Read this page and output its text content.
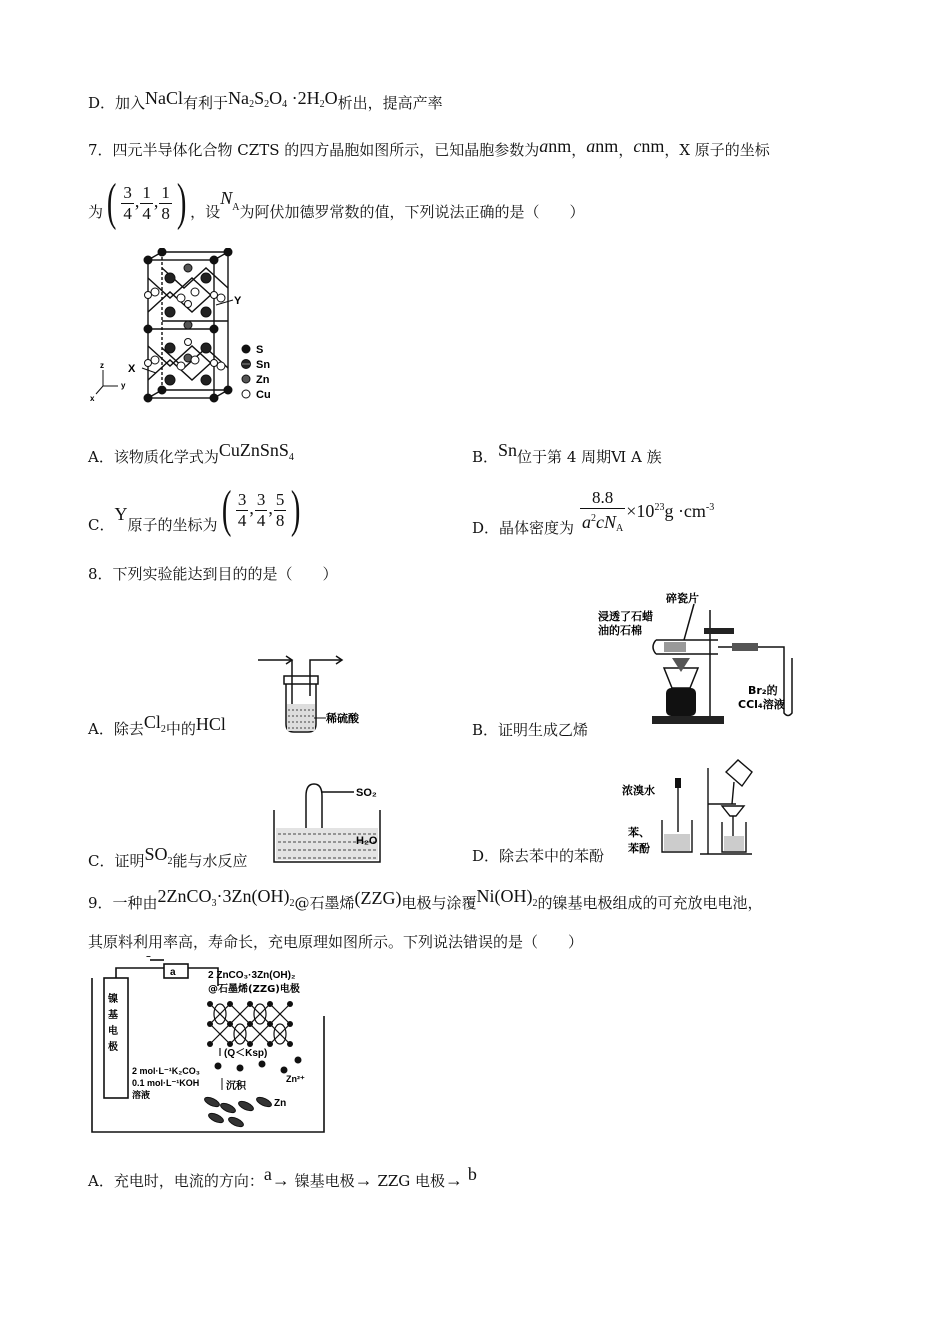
D．加入NaCl有利于$Na_2S_2O_4 \cdot 2H_2O$析出，提高产率
7．四元半导体化合物 CZTS 的四方晶胞如图所示，已知晶胞参数为anm，anm，cnm，X 原子的坐标
为( $\frac{3}{4}$ , $\frac{1}{4}$ , $\frac{1}{8}$ ) ，设$N_A$为阿伏加德罗常数的值，下列说法正确的是（　　）
Y
X
z
y
x
S
Sn
Zn
Cu
A．该物质化学式为CuZnSnS$^4$	B．Sn位于第 4 周期Ⅵ A 族
C．Y原子的坐标为( $\frac{3}{4}$ , $\frac{3}{4}$ , $\frac{5}{8}$ )	D．晶体密度为 $\frac{8.8}{a^2cN_A} \times 10^{23}g \cdot cm^{-3}$
8．下列实验能达到目的的是（　　）
稀硫酸
A．除去Cl$^2$中的HCl
碎瓷片
浸透了石蜡
油的石棉
Br₂的
CCl₄溶液
B．证明生成乙烯
SO₂
H₂O
C．证明$SO^2$能与水反应
浓溴水
苯、
苯酚
D．除去苯中的苯酚
9．一种由2ZnCO$^3$·3Zn(OH)$^2$@石墨烯(ZZG)电极与涂覆Ni(OH)$^2$的镍基电极组成的可充放电电池，
其原料利用率高，寿命长，充电原理如图所示。下列说法错误的是（　　）
a
−
镍
基
电
极
2 ZnCO₃·3Zn(OH)₂
@石墨烯(ZZG)电极
(Q＜Ksp)
Zn²⁺
2 mol·L⁻¹K₂CO₃
0.1 mol·L⁻¹KOH
溶液
沉积
Zn
A．充电时，电流的方向：a→ 镍基电极→ ZZG 电极→ b
